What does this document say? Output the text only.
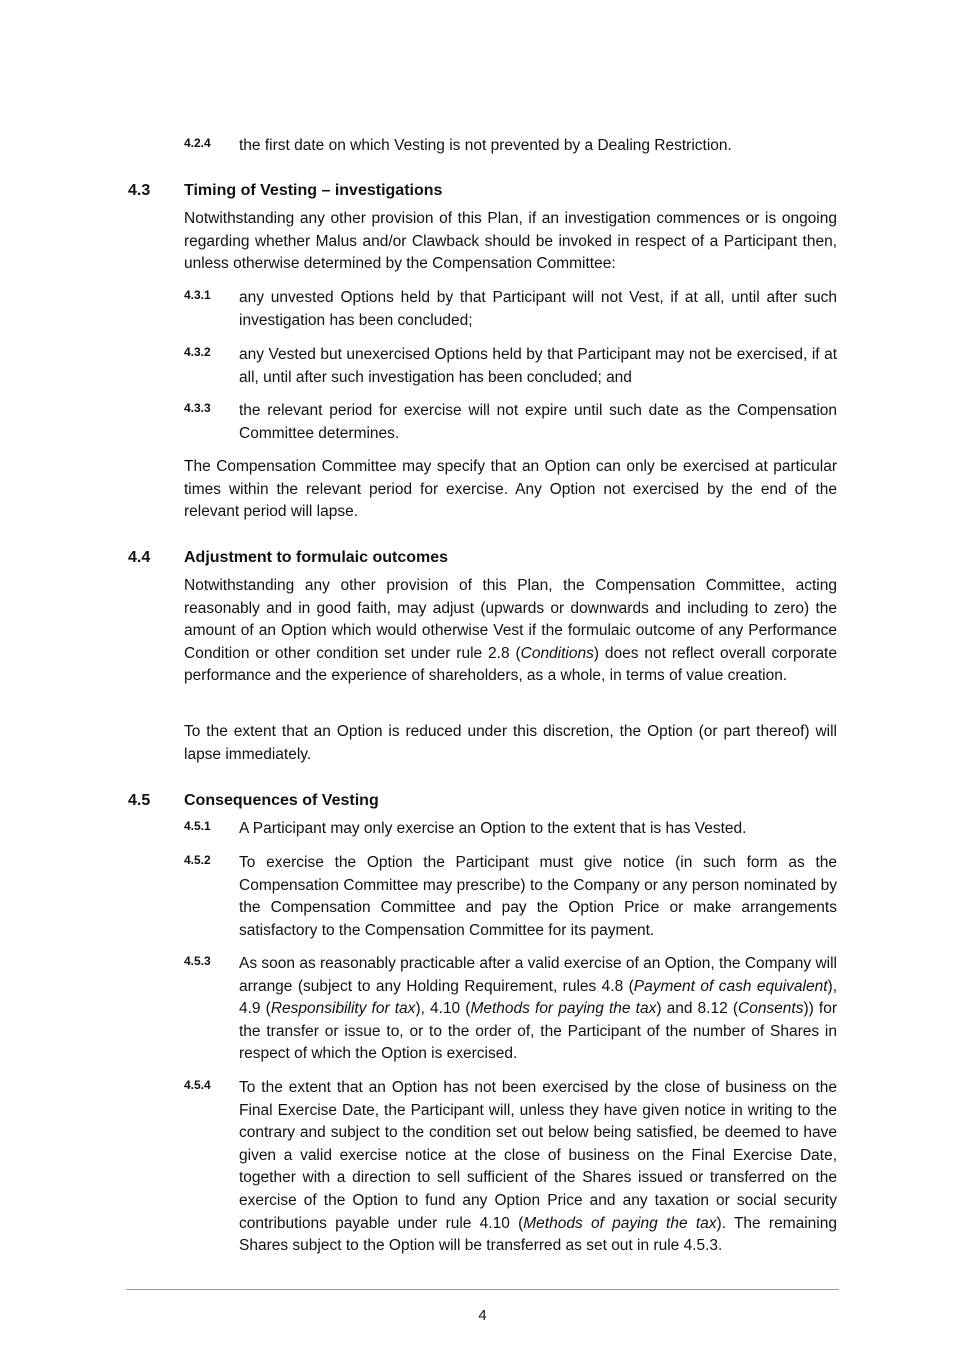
4.2.4 the first date on which Vesting is not prevented by a Dealing Restriction.
4.3 Timing of Vesting – investigations
Notwithstanding any other provision of this Plan, if an investigation commences or is ongoing regarding whether Malus and/or Clawback should be invoked in respect of a Participant then, unless otherwise determined by the Compensation Committee:
4.3.1 any unvested Options held by that Participant will not Vest, if at all, until after such investigation has been concluded;
4.3.2 any Vested but unexercised Options held by that Participant may not be exercised, if at all, until after such investigation has been concluded; and
4.3.3 the relevant period for exercise will not expire until such date as the Compensation Committee determines.
The Compensation Committee may specify that an Option can only be exercised at particular times within the relevant period for exercise. Any Option not exercised by the end of the relevant period will lapse.
4.4 Adjustment to formulaic outcomes
Notwithstanding any other provision of this Plan, the Compensation Committee, acting reasonably and in good faith, may adjust (upwards or downwards and including to zero) the amount of an Option which would otherwise Vest if the formulaic outcome of any Performance Condition or other condition set under rule 2.8 (Conditions) does not reflect overall corporate performance and the experience of shareholders, as a whole, in terms of value creation.
To the extent that an Option is reduced under this discretion, the Option (or part thereof) will lapse immediately.
4.5 Consequences of Vesting
4.5.1 A Participant may only exercise an Option to the extent that is has Vested.
4.5.2 To exercise the Option the Participant must give notice (in such form as the Compensation Committee may prescribe) to the Company or any person nominated by the Compensation Committee and pay the Option Price or make arrangements satisfactory to the Compensation Committee for its payment.
4.5.3 As soon as reasonably practicable after a valid exercise of an Option, the Company will arrange (subject to any Holding Requirement, rules 4.8 (Payment of cash equivalent), 4.9 (Responsibility for tax), 4.10 (Methods for paying the tax) and 8.12 (Consents)) for the transfer or issue to, or to the order of, the Participant of the number of Shares in respect of which the Option is exercised.
4.5.4 To the extent that an Option has not been exercised by the close of business on the Final Exercise Date, the Participant will, unless they have given notice in writing to the contrary and subject to the condition set out below being satisfied, be deemed to have given a valid exercise notice at the close of business on the Final Exercise Date, together with a direction to sell sufficient of the Shares issued or transferred on the exercise of the Option to fund any Option Price and any taxation or social security contributions payable under rule 4.10 (Methods of paying the tax). The remaining Shares subject to the Option will be transferred as set out in rule 4.5.3.
4
